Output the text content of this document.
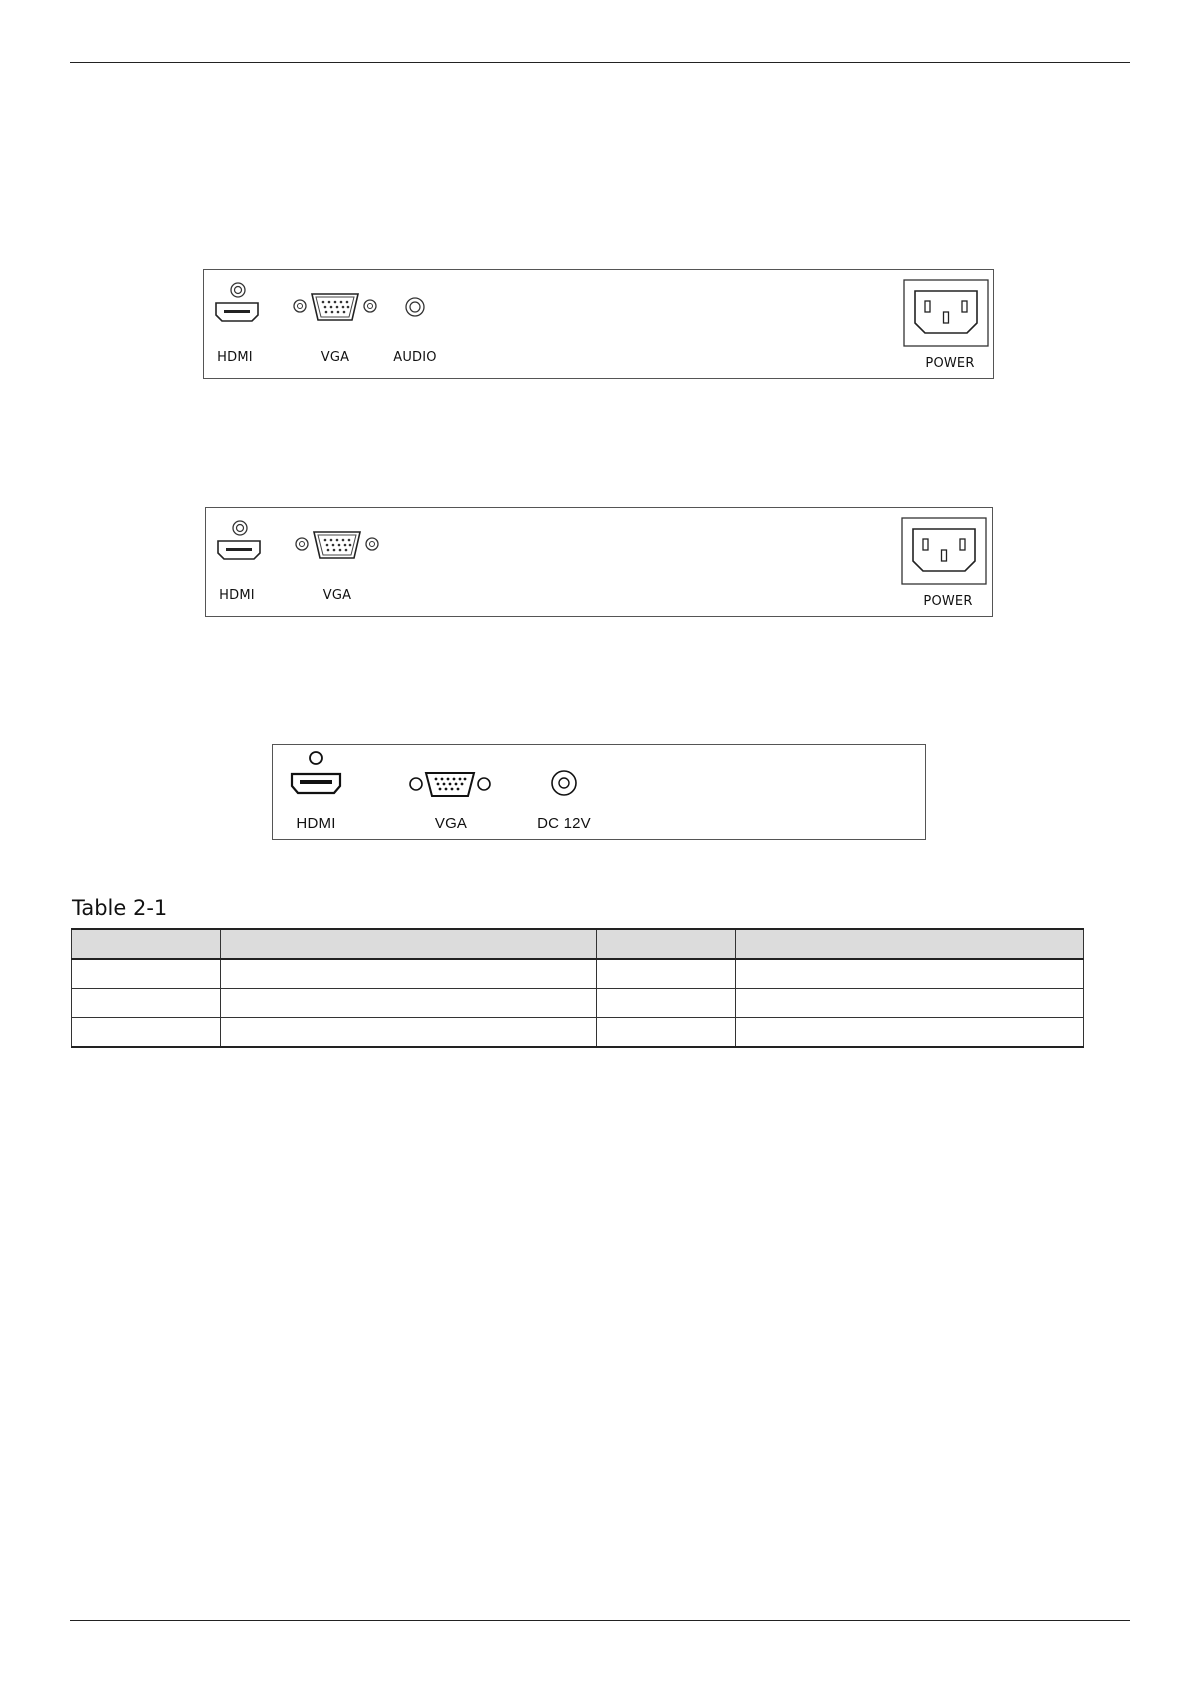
HDMI	VGA	AUDIO	POWER
HDMI	VGA	POWER
HDMI	VGA	DC 12V
Table 2-1
